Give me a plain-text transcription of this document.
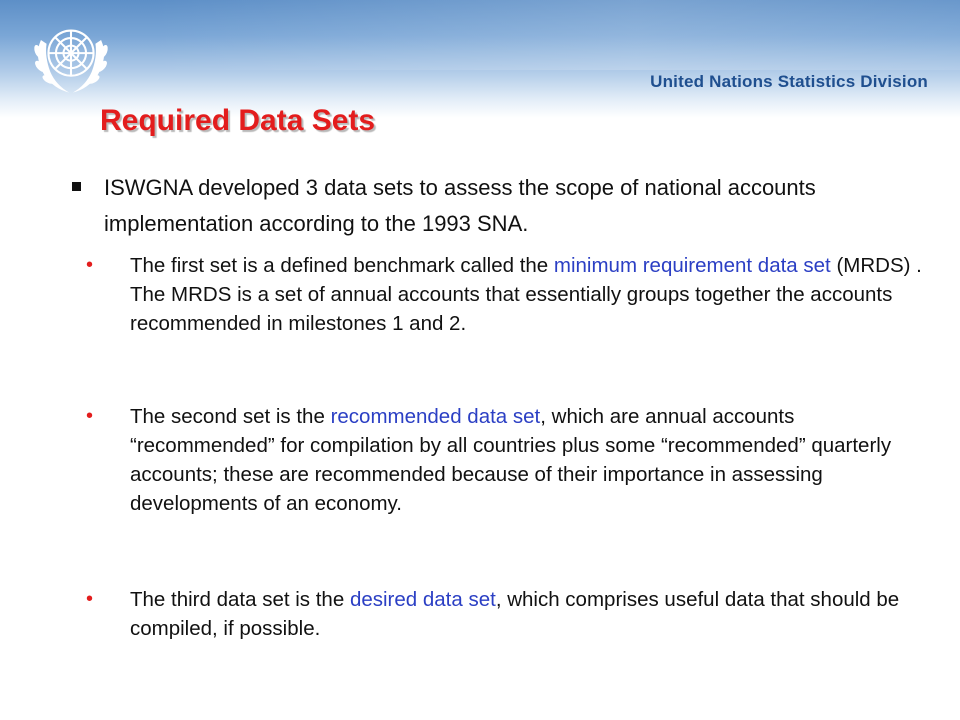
United Nations Statistics Division
Required Data Sets
ISWGNA developed 3 data sets to assess the scope of national accounts implementation according to the 1993 SNA.
• The first set is a defined benchmark called the minimum requirement data set (MRDS) . The MRDS is a set of annual accounts that essentially groups together the accounts recommended in milestones 1 and 2.
• The second set is the recommended data set, which are annual accounts “recommended” for compilation by all countries plus some “recommended” quarterly accounts; these are recommended because of their importance in assessing developments of an economy.
• The third data set is the desired data set, which comprises useful data that should be compiled, if possible.
